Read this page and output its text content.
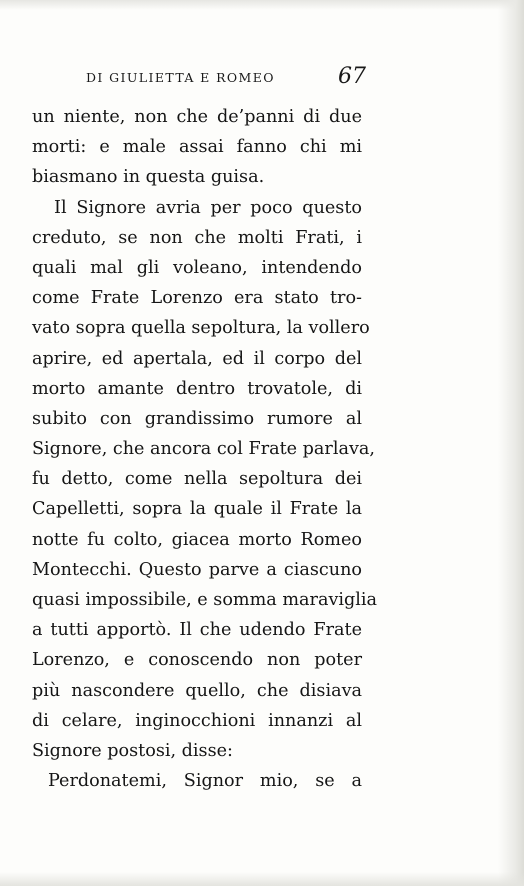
DI GIULIETTA E ROMEO	67
un niente, non che de’panni di due
morti: e male assai fanno chi mi
biasmano in questa guisa.
Il Signore avria per poco questo
creduto, se non che molti Frati, i
quali mal gli voleano, intendendo
come Frate Lorenzo era stato tro-
vato sopra quella sepoltura, la vollero
aprire, ed apertala, ed il corpo del
morto amante dentro trovatole, di
subito con grandissimo rumore al
Signore, che ancora col Frate parlava,
fu detto, come nella sepoltura dei
Capelletti, sopra la quale il Frate la
notte fu colto, giacea morto Romeo
Montecchi. Questo parve a ciascuno
quasi impossibile, e somma maraviglia
a tutti apportò. Il che udendo Frate
Lorenzo, e conoscendo non poter
più nascondere quello, che disiava
di celare, inginocchioni innanzi al
Signore postosi, disse:
Perdonatemi, Signor mio, se a
